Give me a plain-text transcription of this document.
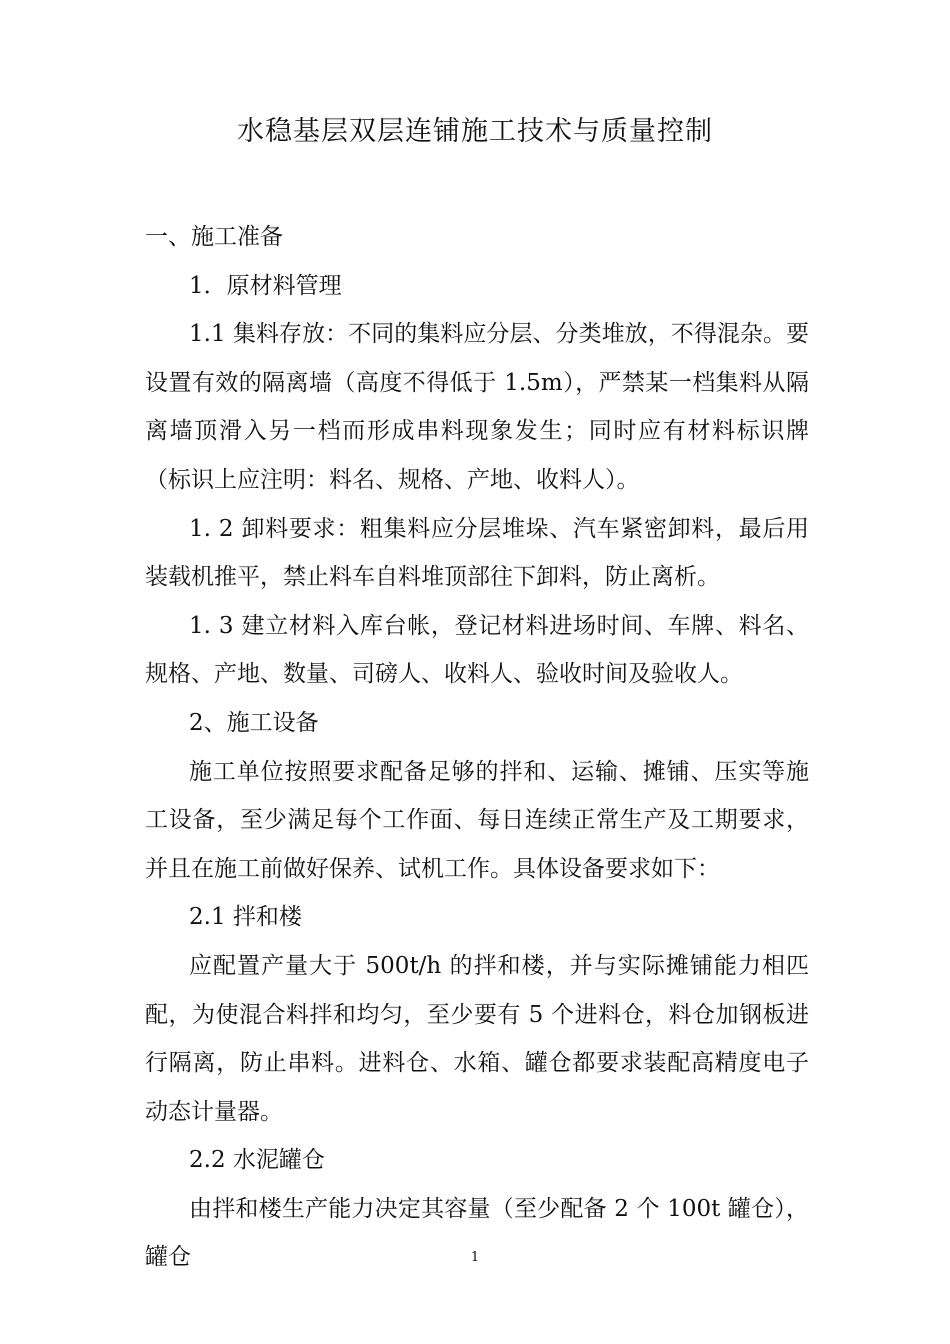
水稳基层双层连铺施工技术与质量控制

一、施工准备

1．原材料管理

1.1 集料存放：不同的集料应分层、分类堆放，不得混杂。要设置有效的隔离墙（高度不得低于 1.5m），严禁某一档集料从隔离墙顶滑入另一档而形成串料现象发生；同时应有材料标识牌（标识上应注明：料名、规格、产地、收料人）。

1. 2 卸料要求：粗集料应分层堆垛、汽车紧密卸料，最后用装载机推平，禁止料车自料堆顶部往下卸料，防止离析。

1. 3 建立材料入库台帐，登记材料进场时间、车牌、料名、规格、产地、数量、司磅人、收料人、验收时间及验收人。

2、施工设备

施工单位按照要求配备足够的拌和、运输、摊铺、压实等施工设备，至少满足每个工作面、每日连续正常生产及工期要求，并且在施工前做好保养、试机工作。具体设备要求如下：

2.1 拌和楼

应配置产量大于 500t/h 的拌和楼，并与实际摊铺能力相匹配，为使混合料拌和均匀，至少要有 5 个进料仓，料仓加钢板进行隔离，防止串料。进料仓、水箱、罐仓都要求装配高精度电子动态计量器。

2.2 水泥罐仓

由拌和楼生产能力决定其容量（至少配备 2 个 100t 罐仓），罐仓	1
